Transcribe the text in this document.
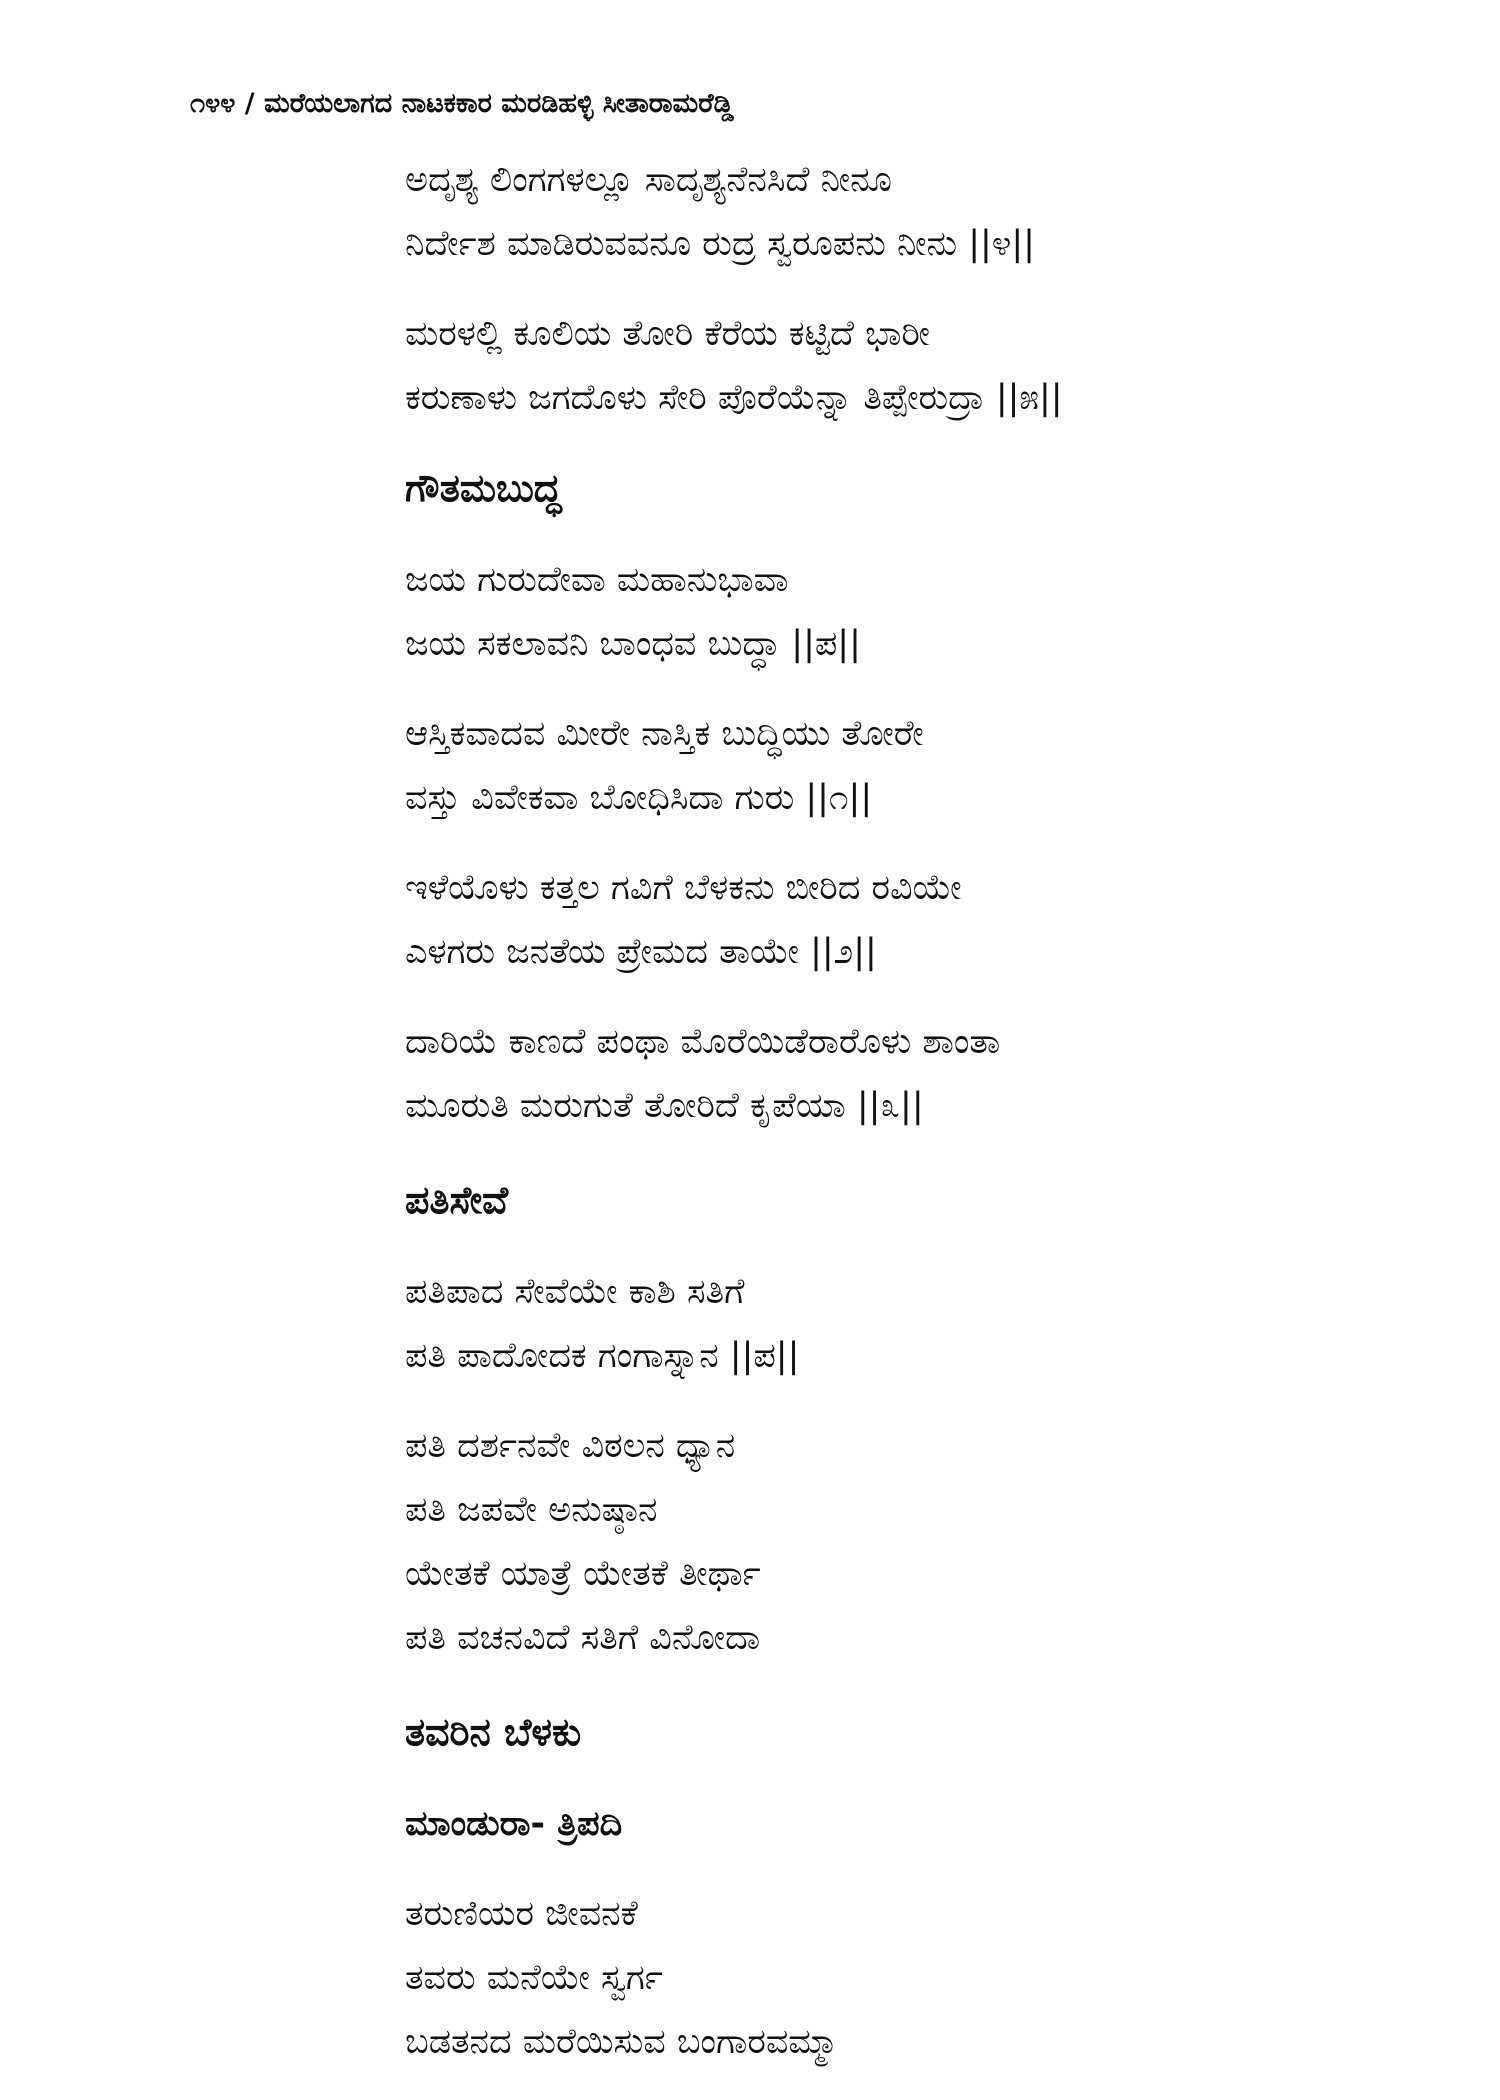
೧೪೪ / ಮರೆಯಲಾಗದ ನಾಟಕಕಾರ ಮರಡಿಹಳ್ಳಿ ಸೀತಾರಾಮರೆಡ್ಡಿ
ಅದೃಶ್ಯ ಲಿಂಗಗಳಲ್ಲೂ ಸಾದೃಶ್ಯನೆನಸಿದೆ ನೀನೂ
ನಿರ್ದೇಶ ಮಾಡಿರುವವನೂ ರುದ್ರ ಸ್ವರೂಪನು ನೀನು ||೪||
ಮರಳಲ್ಲಿ ಕೂಲಿಯ ತೋರಿ ಕೆರೆಯ ಕಟ್ಟಿದೆ ಭಾರೀ
ಕರುಣಾಳು ಜಗದೊಳು ಸೇರಿ ಪೊರೆಯೆನ್ನಾ ತಿಪ್ಪೇರುದ್ರಾ ||೫||
ಗೌತಮಬುದ್ಧ
ಜಯ ಗುರುದೇವಾ ಮಹಾನುಭಾವಾ
ಜಯ ಸಕಲಾವನಿ ಬಾಂಧವ ಬುದ್ಧಾ ||ಪ||
ಆಸ್ತಿಕವಾದವ ಮೀರೇ ನಾಸ್ತಿಕ ಬುದ್ಧಿಯು ತೋರೇ
ವಸ್ತು ವಿವೇಕವಾ ಬೋಧಿಸಿದಾ ಗುರು ||೧||
ಇಳೆಯೊಳು ಕತ್ತಲ ಗವಿಗೆ ಬೆಳಕನು ಬೀರಿದ ರವಿಯೇ
ಎಳಗರು ಜನತೆಯ ಪ್ರೇಮದ ತಾಯೇ ||೨||
ದಾರಿಯೆ ಕಾಣದೆ ಪಂಥಾ ಮೊರೆಯಿಡೆರಾರೊಳು ಶಾಂತಾ
ಮೂರುತಿ ಮರುಗುತೆ ತೋರಿದೆ ಕೃಪೆಯಾ ||೩||
ಪತಿಸೇವೆ
ಪತಿಪಾದ ಸೇವೆಯೇ ಕಾಶಿ ಸತಿಗೆ
ಪತಿ ಪಾದೋದಕ ಗಂಗಾಸ್ನಾನ ||ಪ||
ಪತಿ ದರ್ಶನವೇ ವಿಠಲನ ಧ್ಯಾನ
ಪತಿ ಜಪವೇ ಅನುಷ್ಠಾನ
ಯೇತಕೆ ಯಾತ್ರೆ ಯೇತಕೆ ತೀರ್ಥಾ
ಪತಿ ವಚನವಿದೆ ಸತಿಗೆ ವಿನೋದಾ
ತವರಿನ ಬೆಳಕು
ಮಾಂಡುರಾ- ತ್ರಿಪದಿ
ತರುಣಿಯರ ಜೀವನಕೆ
ತವರು ಮನೆಯೇ ಸ್ವರ್ಗ
ಬಡತನದ ಮರೆಯಿಸುವ ಬಂಗಾರವಮ್ಮಾ
